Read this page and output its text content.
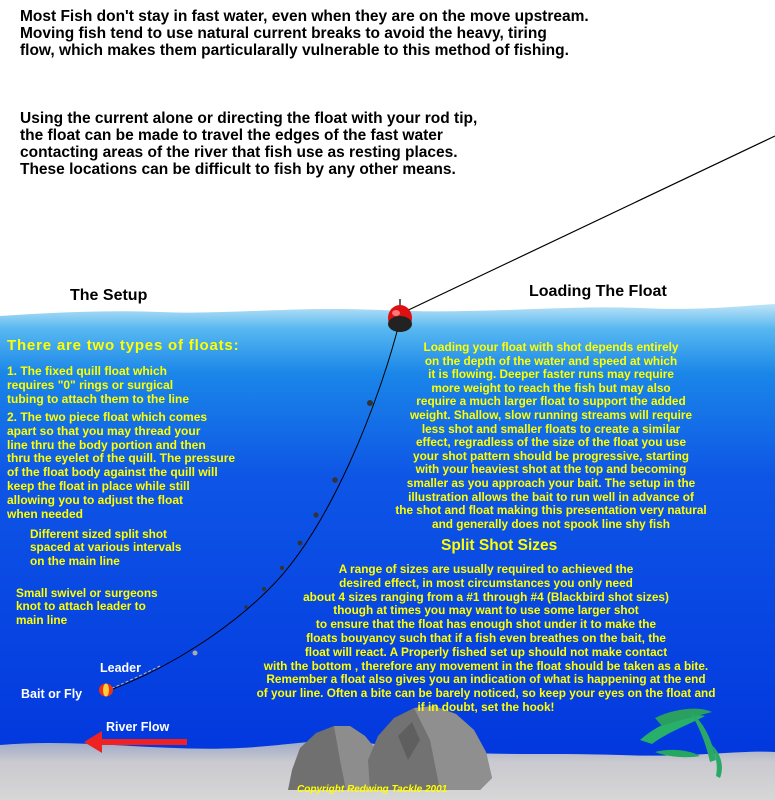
Most Fish don't stay in fast water, even when they are on the move upstream.
Moving fish tend to use natural current breaks to avoid the heavy, tiring
flow, which makes them particularally vulnerable to this method of fishing.
Using the current alone or directing the float with your rod tip,
the float can be made to travel the edges of the fast water
contacting areas of the river that fish use as resting places.
These locations can be difficult to fish by any other means.
The Setup	Loading The Float
There are two types of floats:
1. The fixed quill float which
requires "0" rings or surgical
tubing to attach them to the line
2. The two piece float which comes
apart so that you may thread your
line thru the body portion and then
thru the eyelet of the quill. The pressure
of the float body against the quill will
keep the float in place while still
allowing you to adjust the float
when needed
Loading your float with shot depends entirely
on the depth of the water and speed at which
it is flowing. Deeper faster runs may require
more weight to reach the fish but may also
require a much larger float to support the added
weight. Shallow, slow running streams will require
less shot and smaller floats to create a similar
effect, regradless of the size of the float you use
your shot pattern should be progressive, starting
with your heaviest shot at the top and becoming
smaller as you approach your bait. The setup in the
illustration allows the bait to run well in advance of
the shot and float making this presentation very natural
and generally does not spook line shy fish
Split Shot Sizes
A range of sizes are usually required to achieved the
desired effect, in most circumstances you only need
about 4 sizes ranging from a #1 through #4 (Blackbird shot sizes)
though at times you may want to use some larger shot
to ensure that the float has enough shot under it to make the
floats bouyancy such that if a fish even breathes on the bait, the
float will react. A Properly fished set up should not make contact
with the bottom , therefore any movement in the float should be taken as a bite.
Remember a float also gives you an indication of what is happening at the end
of your line. Often a bite can be barely noticed, so keep your eyes on the float and
if in doubt, set the hook!
Different sized split shot
spaced at various intervals
on the main line
Small swivel or surgeons
knot to attach leader to
main line
Leader
Bait or Fly
River Flow
Copyright Redwing Tackle 2001
